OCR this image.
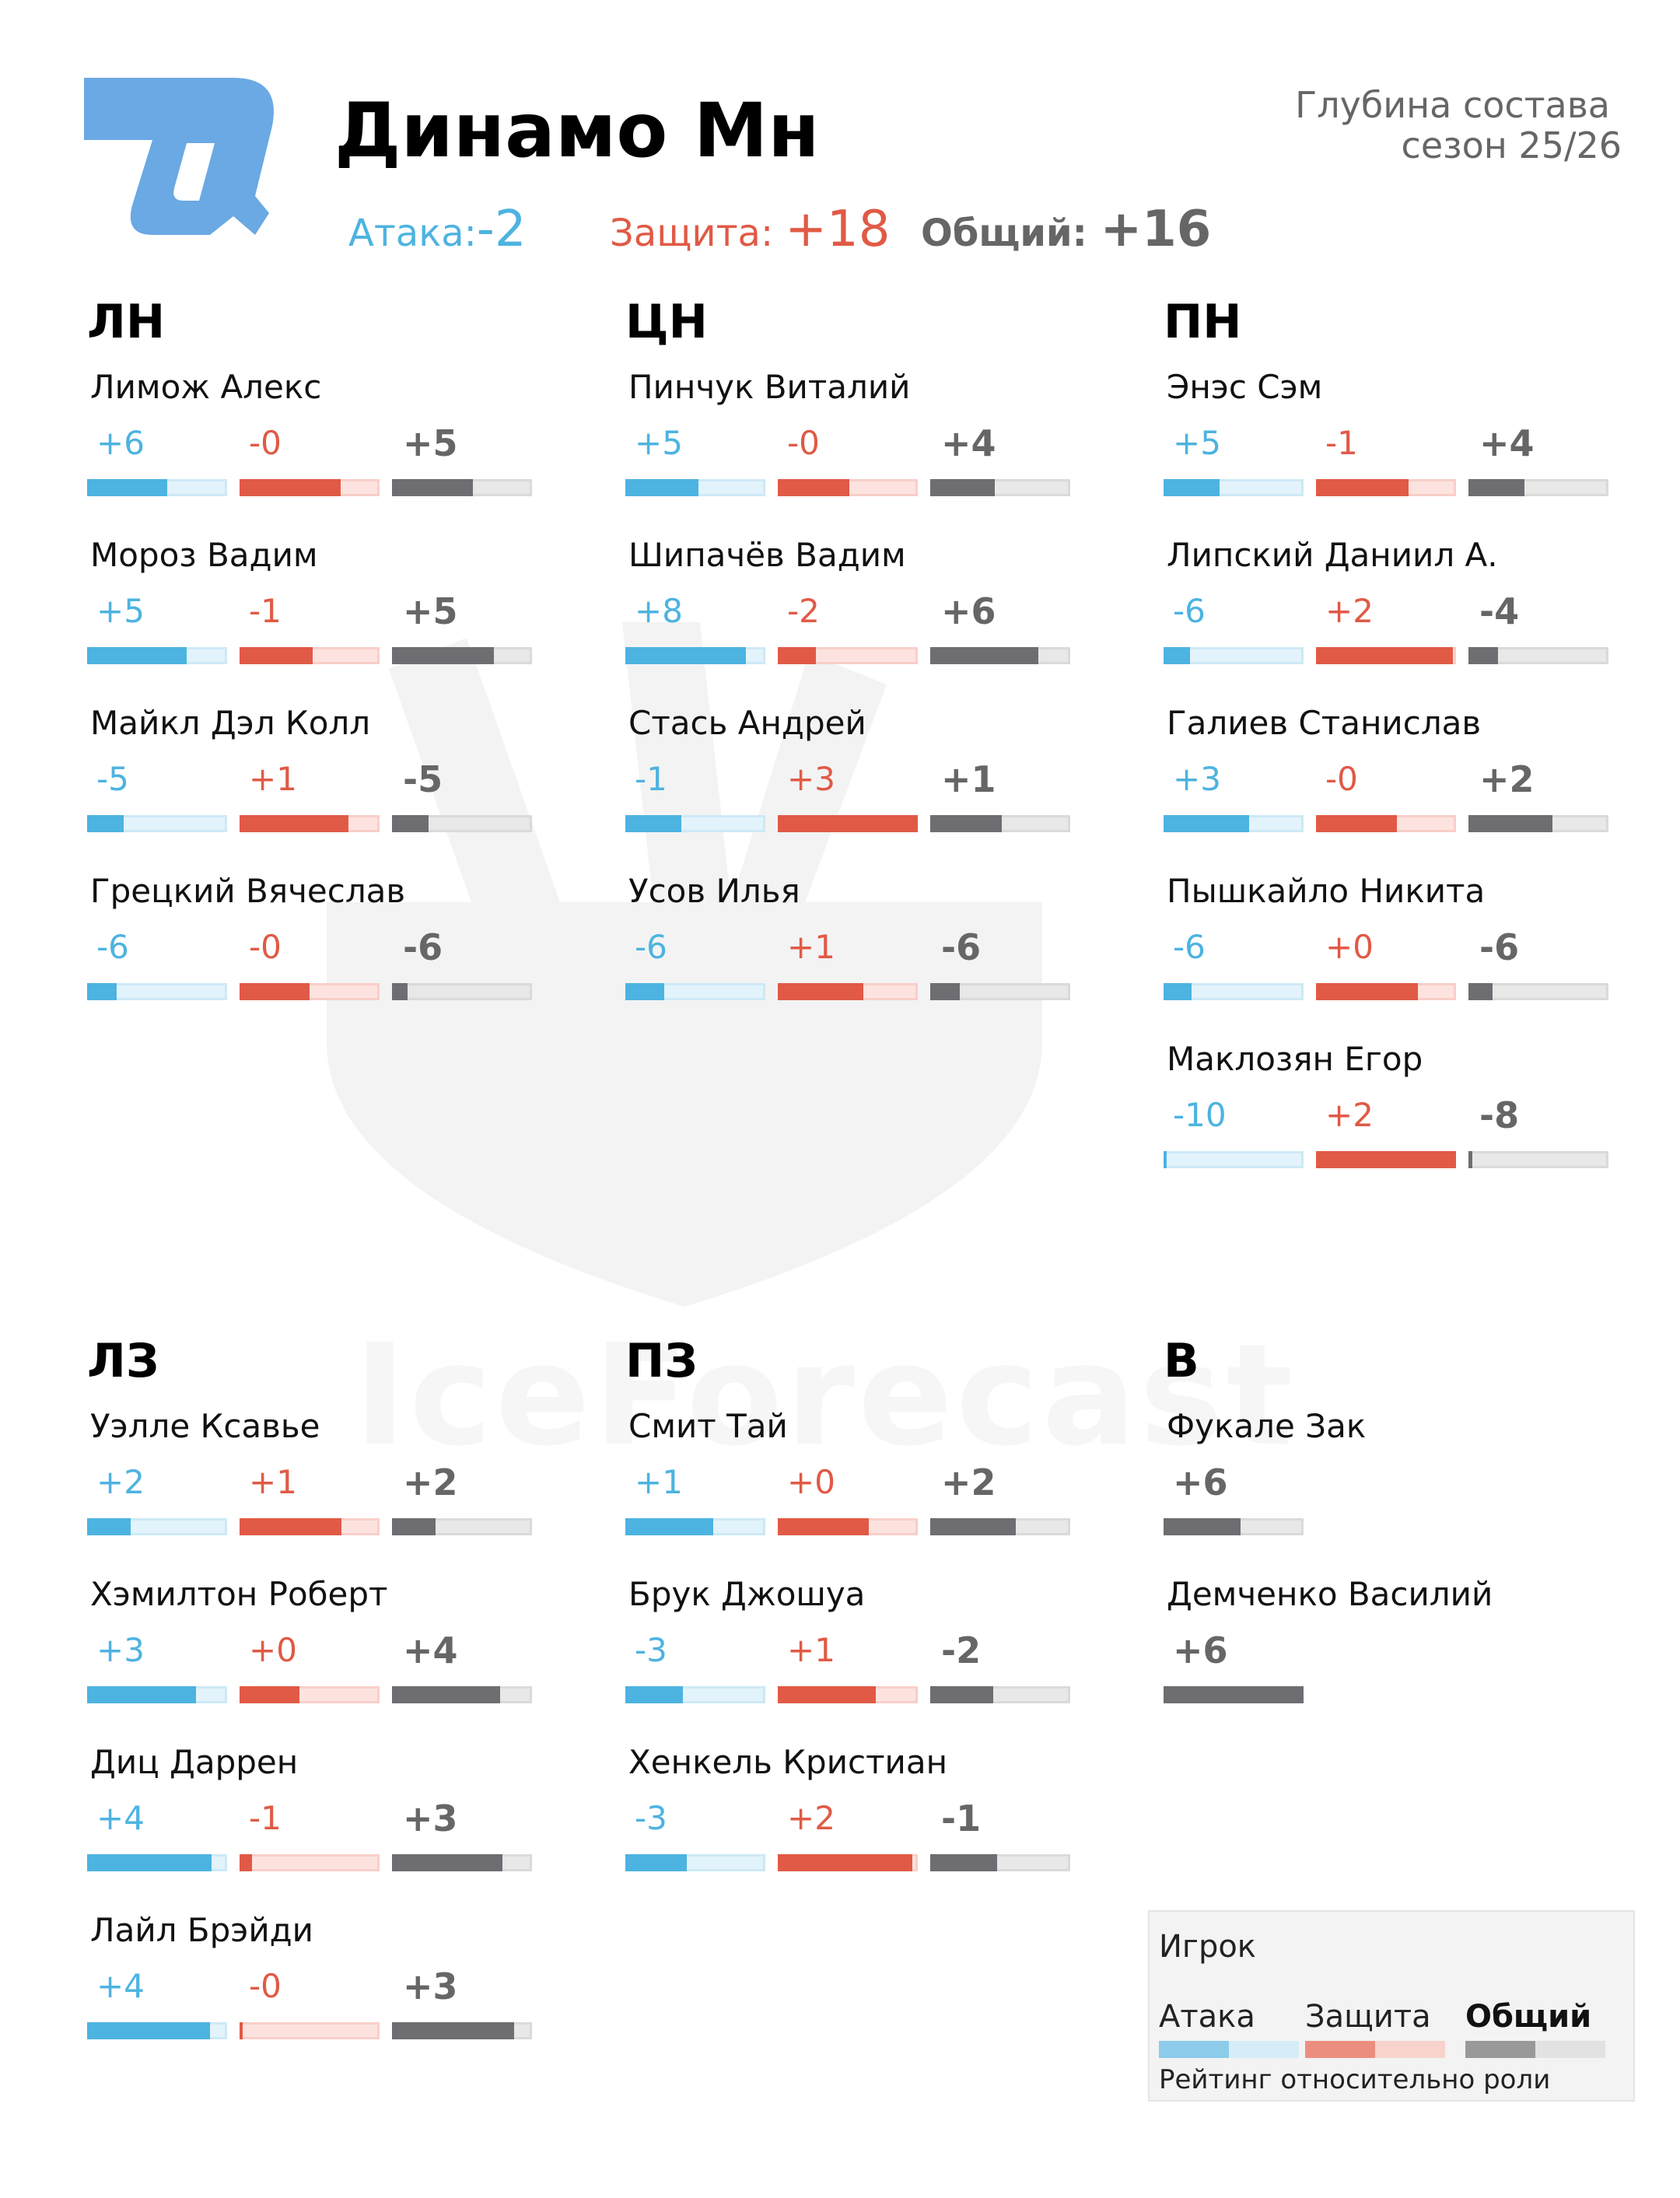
Динамо Мн	Глубина состава
сезон 25/26
Атака:-2 Защита: +18 Общий: +16
ЛН
Лимож Алекс
+6	-0	+5
Мороз Вадим
+5	-1	+5
Майкл Дэл Колл
-5	+1	-5
Грецкий Вячеслав
-6	-0	-6
ЦН
Пинчук Виталий
+5	-0	+4
Шипачёв Вадим
+8	-2	+6
Стась Андрей
-1	+3	+1
Усов Илья
-6	+1	-6
ПН
Энэс Сэм
+5	-1	+4
Липский Даниил А.
-6	+2	-4
Галиев Станислав
+3	-0	+2
Пышкайло Никита
-6	+0	-6
Маклозян Егор
-10	+2	-8
ЛЗ
Уэлле Ксавье
+2	+1	+2
Хэмилтон Роберт
+3	+0	+4
Диц Даррен
+4	-1	+3
Лайл Брэйди
+4	-0	+3
ПЗ
Смит Тай
+1	+0	+2
Брук Джошуа
-3	+1	-2
Хенкель Кристиан
-3	+2	-1
В
Фукале Зак
+6
Демченко Василий
+6
Игрок
Атака Защита Общий
Рейтинг относительно роли
